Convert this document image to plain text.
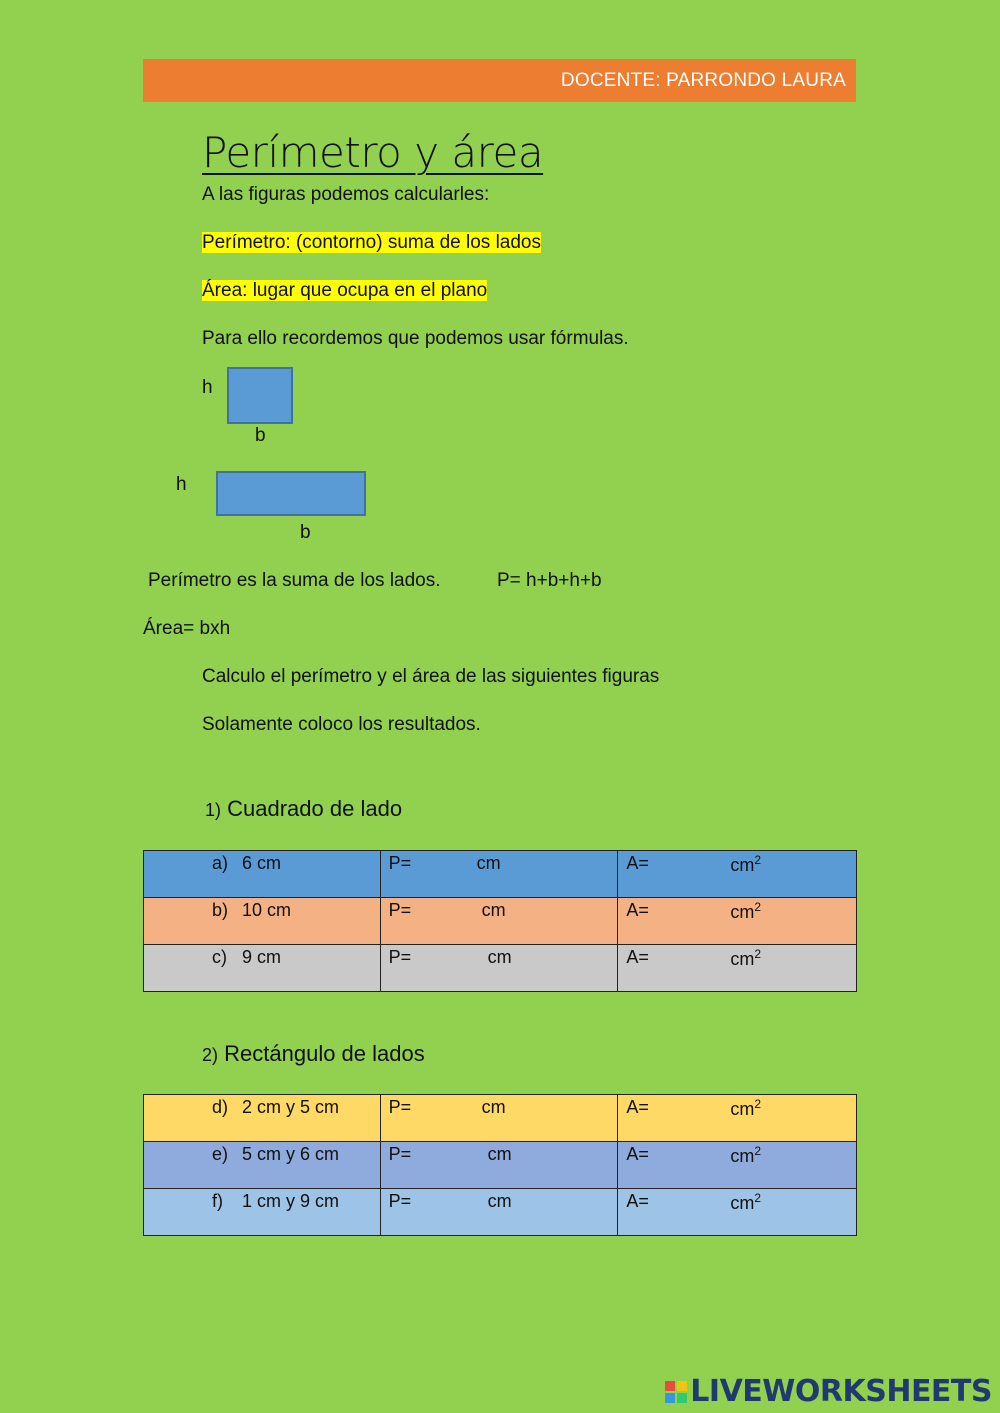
DOCENTE: PARRONDO LAURA
Perímetro y área
A las figuras podemos calcularles:
Perímetro: (contorno) suma de los lados
Área: lugar que ocupa en el plano
Para ello recordemos que podemos usar fórmulas.
h
b
h
b
Perímetro es la suma de los lados.	P= h+b+h+b
Área= bxh
Calculo el perímetro y el área de las siguientes figuras
Solamente coloco los resultados.
1) Cuadrado de lado
a) 6 cm	P= cm	$A= cm^2$

b) 10 cm	P= cm	$A= cm^2$

c) 9 cm	P= cm	$A= cm^2$
2) Rectángulo de lados
d) 2 cm y 5 cm	P= cm	$A= cm^2$

e) 5 cm y 6 cm	P= cm	$A= cm^2$

f) 1 cm y 9 cm	P= cm	$A= cm^2$
LIVEWORKSHEETS
